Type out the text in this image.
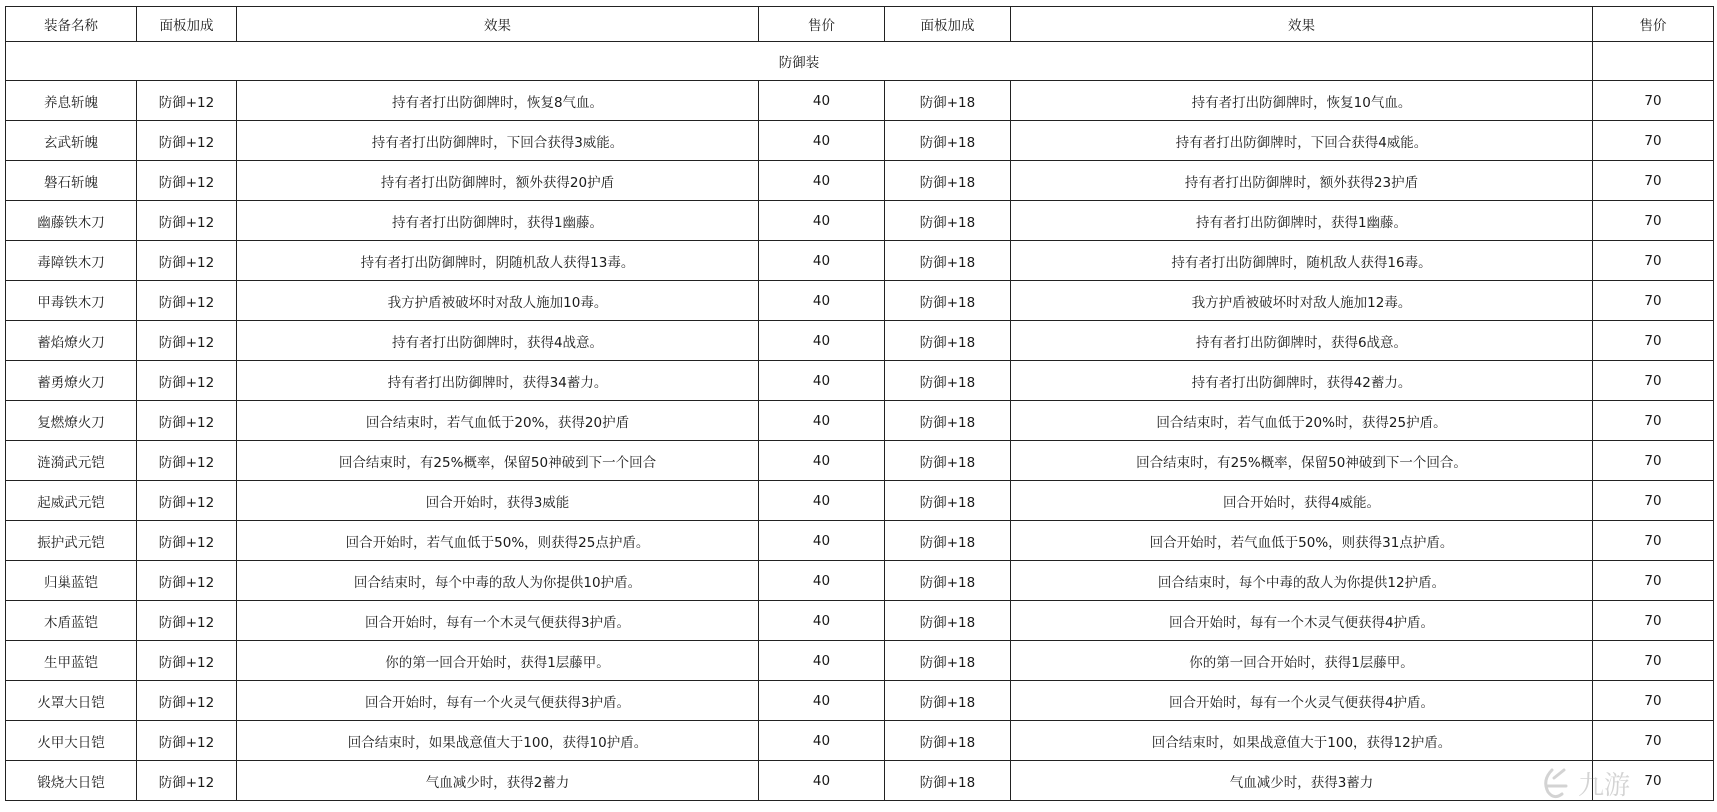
装备名称	面板加成	效果	售价	面板加成	效果	售价
防御装						
养息斩魄	防御+12	持有者打出防御牌时，恢复8气血。	40	防御+18	持有者打出防御牌时，恢复10气血。	70
玄武斩魄	防御+12	持有者打出防御牌时，下回合获得3威能。	40	防御+18	持有者打出防御牌时，下回合获得4威能。	70
磐石斩魄	防御+12	持有者打出防御牌时，额外获得20护盾	40	防御+18	持有者打出防御牌时，额外获得23护盾	70
幽藤铁木刀	防御+12	持有者打出防御牌时，获得1幽藤。	40	防御+18	持有者打出防御牌时，获得1幽藤。	70
毒障铁木刀	防御+12	持有者打出防御牌时，阴随机敌人获得13毒。	40	防御+18	持有者打出防御牌时，随机敌人获得16毒。	70
甲毒铁木刀	防御+12	我方护盾被破坏时对敌人施加10毒。	40	防御+18	我方护盾被破坏时对敌人施加12毒。	70
蓄焰燎火刀	防御+12	持有者打出防御牌时，获得4战意。	40	防御+18	持有者打出防御牌时，获得6战意。	70
蓄勇燎火刀	防御+12	持有者打出防御牌时，获得34蓄力。	40	防御+18	持有者打出防御牌时，获得42蓄力。	70
复燃燎火刀	防御+12	回合结束时，若气血低于20%，获得20护盾	40	防御+18	回合结束时，若气血低于20%时，获得25护盾。	70
涟漪武元铠	防御+12	回合结束时，有25%概率，保留50神破到下一个回合	40	防御+18	回合结束时，有25%概率，保留50神破到下一个回合。	70
起威武元铠	防御+12	回合开始时，获得3威能	40	防御+18	回合开始时，获得4威能。	70
振护武元铠	防御+12	回合开始时，若气血低于50%，则获得25点护盾。	40	防御+18	回合开始时，若气血低于50%，则获得31点护盾。	70
归巢蓝铠	防御+12	回合结束时，每个中毒的敌人为你提供10护盾。	40	防御+18	回合结束时，每个中毒的敌人为你提供12护盾。	70
木盾蓝铠	防御+12	回合开始时，每有一个木灵气便获得3护盾。	40	防御+18	回合开始时，每有一个木灵气便获得4护盾。	70
生甲蓝铠	防御+12	你的第一回合开始时，获得1层藤甲。	40	防御+18	你的第一回合开始时，获得1层藤甲。	70
火罩大日铠	防御+12	回合开始时，每有一个火灵气便获得3护盾。	40	防御+18	回合开始时，每有一个火灵气便获得4护盾。	70
火甲大日铠	防御+12	回合结束时，如果战意值大于100，获得10护盾。	40	防御+18	回合结束时，如果战意值大于100，获得12护盾。	70
锻烧大日铠	防御+12	气血减少时，获得2蓄力	40	防御+18	气血减少时，获得3蓄力	70
九游
